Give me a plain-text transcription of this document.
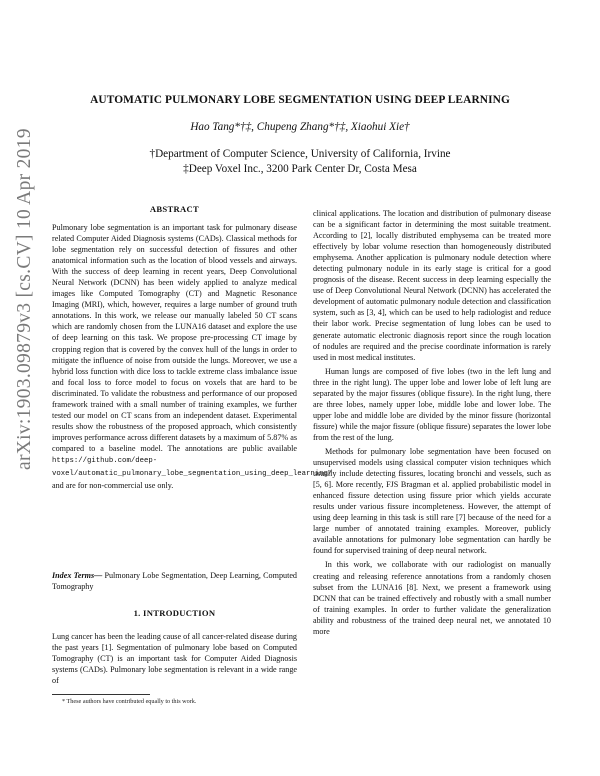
arXiv:1903.09879v3 [cs.CV] 10 Apr 2019
AUTOMATIC PULMONARY LOBE SEGMENTATION USING DEEP LEARNING
Hao Tang*†‡, Chupeng Zhang*†‡, Xiaohui Xie†
†Department of Computer Science, University of California, Irvine
‡Deep Voxel Inc., 3200 Park Center Dr, Costa Mesa
ABSTRACT

Pulmonary lobe segmentation is an important task for pulmonary disease related Computer Aided Diagnosis systems (CADs). Classical methods for lobe segmentation rely on successful detection of fissures and other anatomical information such as the location of blood vessels and airways. With the success of deep learning in recent years, Deep Convolutional Neural Network (DCNN) has been widely applied to analyze medical images like Computed Tomography (CT) and Magnetic Resonance Imaging (MRI), which, however, requires a large number of ground truth annotations. In this work, we release our manually labeled 50 CT scans which are randomly chosen from the LUNA16 dataset and explore the use of deep learning on this task. We propose pre-processing CT image by cropping region that is covered by the convex hull of the lungs in order to mitigate the influence of noise from outside the lungs. Moreover, we use a hybrid loss function with dice loss to tackle extreme class imbalance issue and focal loss to force model to focus on voxels that are hard to be discriminated. To validate the robustness and performance of our proposed framework trained with a small number of training examples, we further tested our model on CT scans from an independent dataset. Experimental results show the robustness of the proposed approach, which consistently improves performance across different datasets by a maximum of 5.87% as compared to a baseline model. The annotations are public available https://github.com/deep-voxel/automatic_pulmonary_lobe_segmentation_using_deep_learning/ and are for non-commercial use only.

Index Terms— Pulmonary Lobe Segmentation, Deep Learning, Computed Tomography
1. INTRODUCTION

Lung cancer has been the leading cause of all cancer-related disease during the past years [1]. Segmentation of pulmonary lobe based on Computed Tomography (CT) is an important task for Computer Aided Diagnosis systems (CADs). Pulmonary lobe segmentation is relevant in a wide range of

* These authors have contributed equally to this work.

clinical applications. The location and distribution of pulmonary disease can be a significant factor in determining the most suitable treatment. According to [2], locally distributed emphysema can be treated more effectively by lobar volume resection than homogeneously distributed emphysema. Another application is pulmonary nodule detection where detecting pulmonary nodule in its early stage is critical for a good prognosis of the disease. Recent success in deep learning especially the use of Deep Convolutional Neural Network (DCNN) has accelerated the development of automatic pulmonary nodule detection and classification system, such as [3, 4], which can be used to help radiologist and reduce their labor work. Precise segmentation of lung lobes can be used to generate automatic electronic diagnosis report since the rough location of nodules are required and the precise coordinate information is rarely used in most medical institutes.

Human lungs are composed of five lobes (two in the left lung and three in the right lung). The upper lobe and lower lobe of left lung are separated by the major fissures (oblique fissure). In the right lung, there are three lobes, namely upper lobe, middle lobe and lower lobe. The upper lobe and middle lobe are divided by the minor fissure (horizontal fissure) while the major fissure (oblique fissure) separates the lower lobe from the rest of the lung.

Methods for pulmonary lobe segmentation have been focused on unsupervised models using classical computer vision techniques which usually include detecting fissures, locating bronchi and vessels, such as [5, 6]. More recently, FJS Bragman et al. applied probabilistic model in enhanced fissure detection using fissure prior which yields accurate results under various fissure incompleteness. However, the attempt of using deep learning in this task is still rare [7] because of the need for a large number of annotated training examples. Moreover, publicly available annotations for pulmonary lobe segmentation can hardly be found for supervised training of deep neural network.

In this work, we collaborate with our radiologist on manually creating and releasing reference annotations from a randomly chosen subset from the LUNA16 [8]. Next, we present a framework using DCNN that can be trained effectively and robustly with a small number of training examples. In order to further validate the generalization ability and robustness of the trained deep neural net, we annotated 10 more
